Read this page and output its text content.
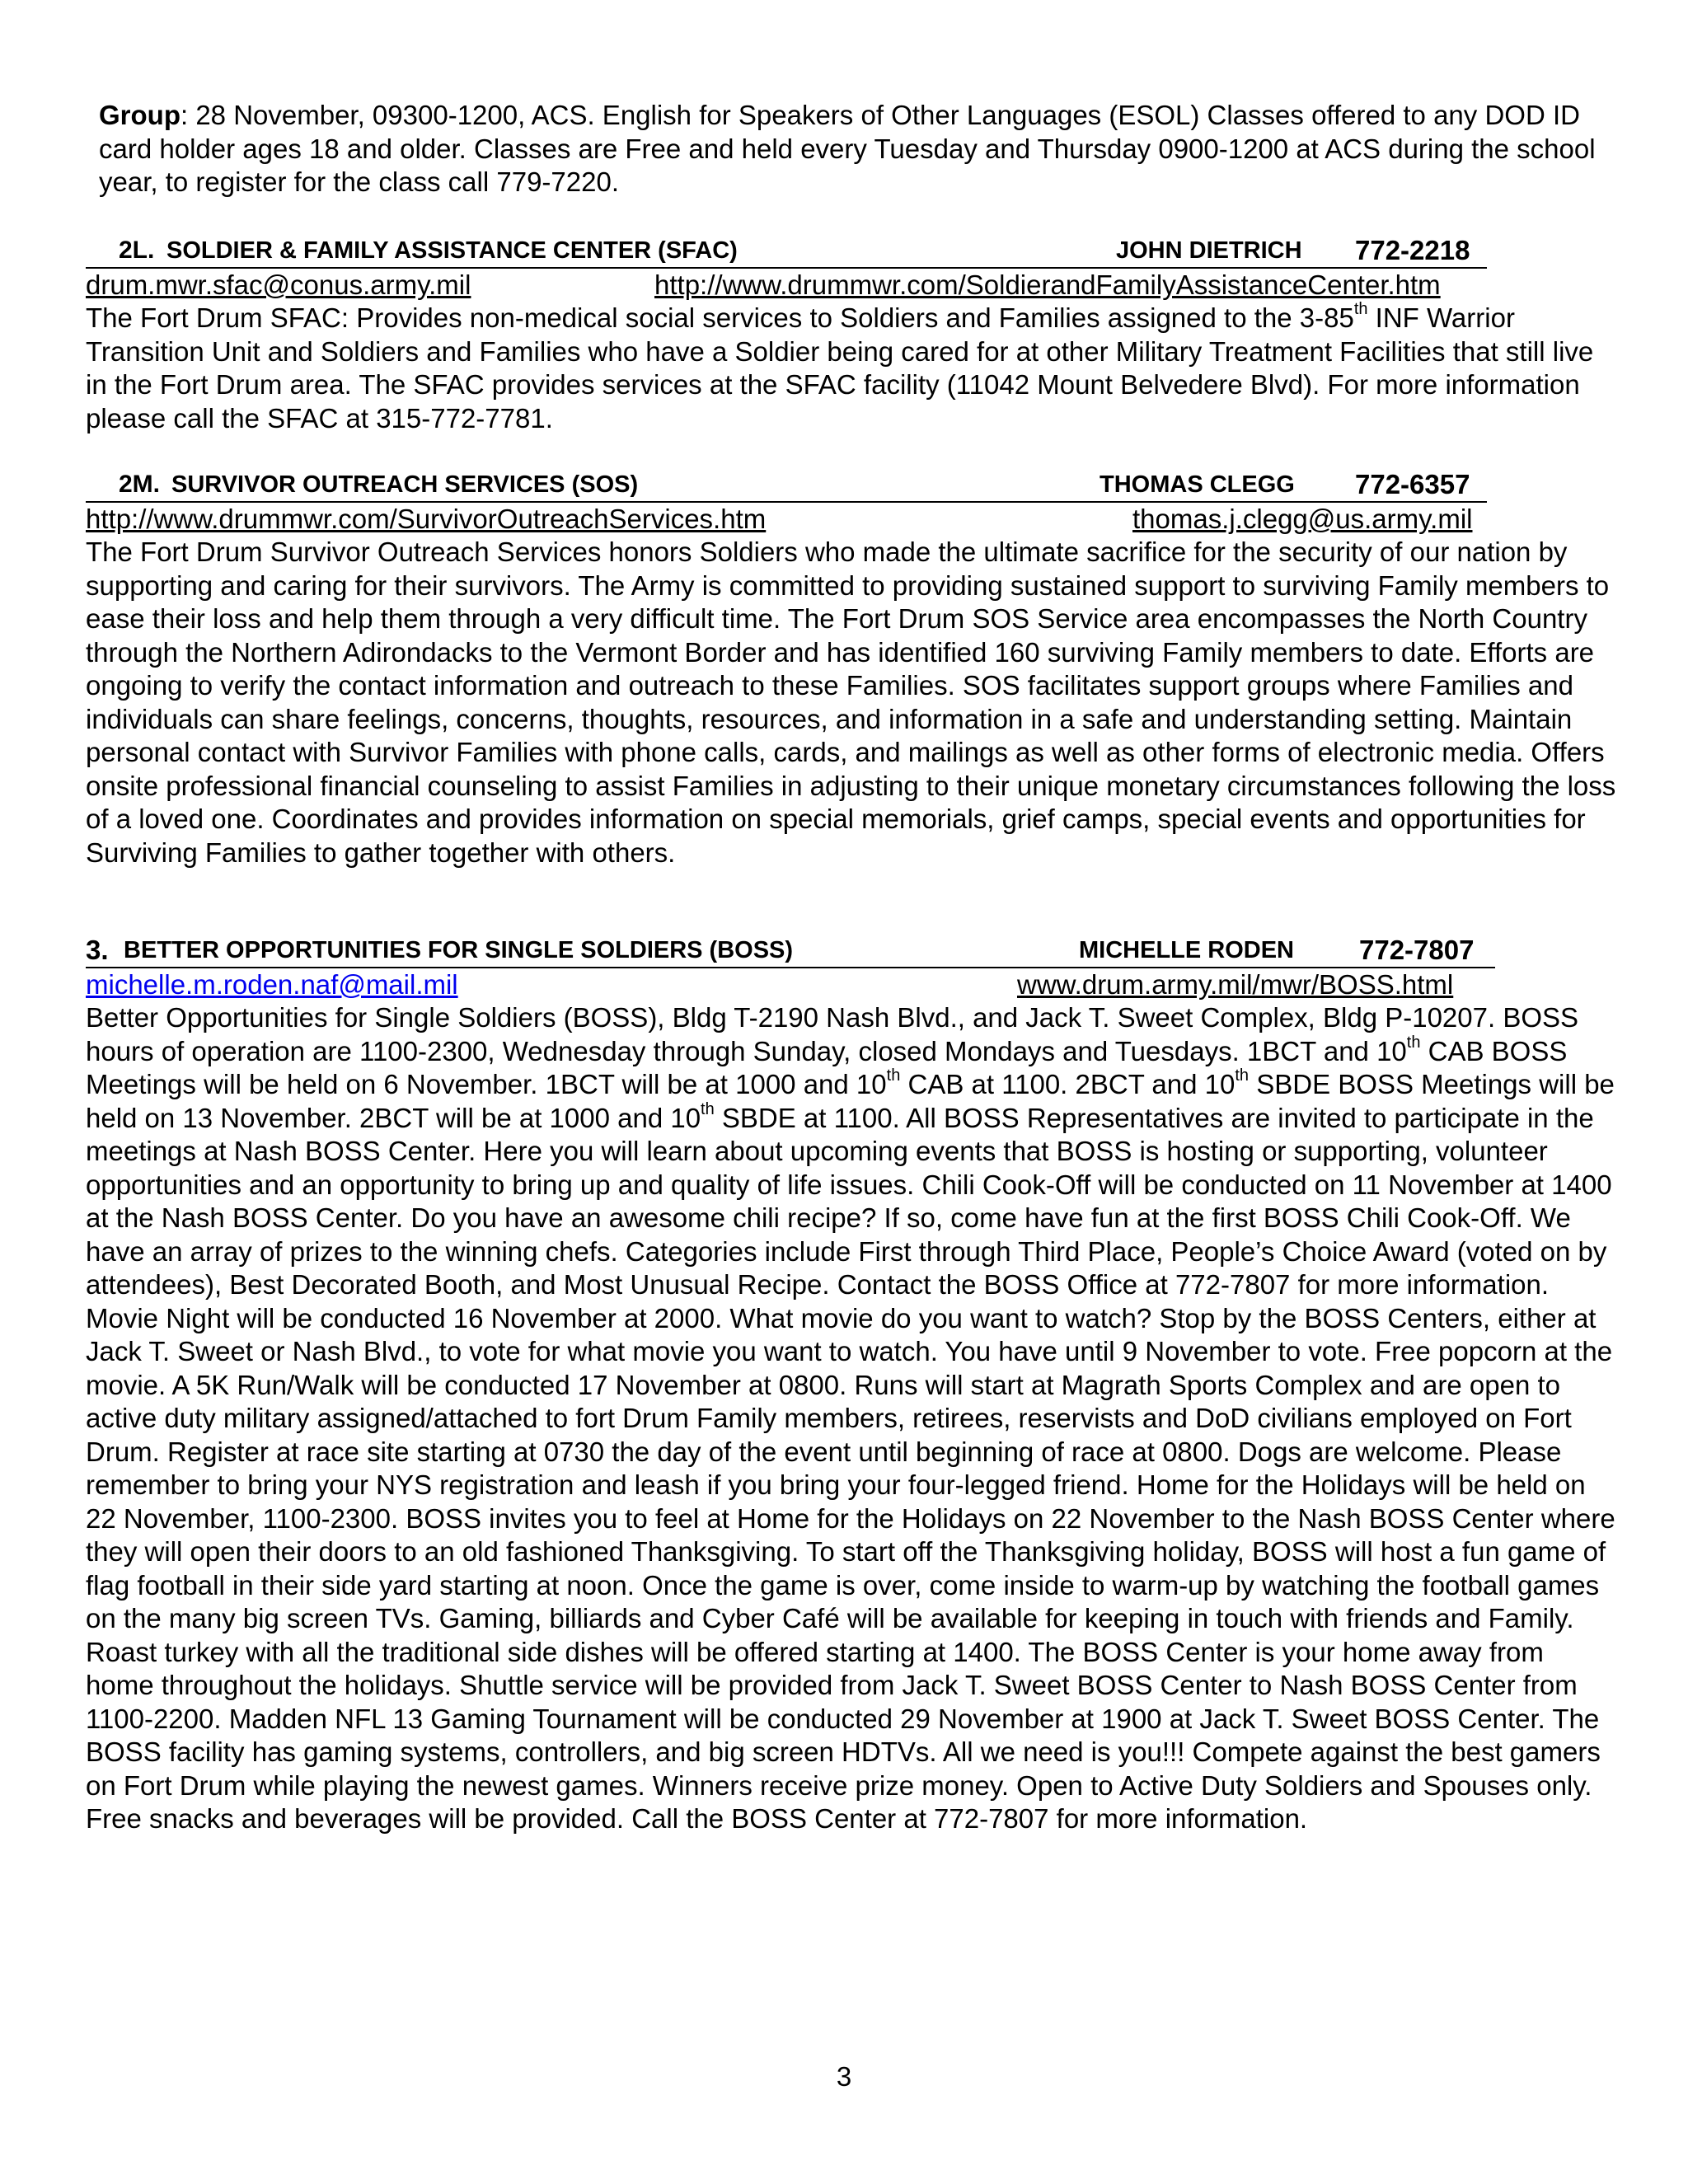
Group: 28 November, 09300-1200, ACS. English for Speakers of Other Languages (ESOL) Classes offered to any DOD ID card holder ages 18 and older. Classes are Free and held every Tuesday and Thursday 0900-1200 at ACS during the school year, to register for the class call 779-7220.

2L. SOLDIER & FAMILY ASSISTANCE CENTER (SFAC)	JOHN DIETRICH 772-2218
drum.mwr.sfac@conus.army.mil	http://www.drummwr.com/SoldierandFamilyAssistanceCenter.htm

The Fort Drum SFAC: Provides non-medical social services to Soldiers and Families assigned to the 3-85th INF Warrior Transition Unit and Soldiers and Families who have a Soldier being cared for at other Military Treatment Facilities that still live in the Fort Drum area. The SFAC provides services at the SFAC facility (11042 Mount Belvedere Blvd). For more information please call the SFAC at 315-772-7781.

2M. SURVIVOR OUTREACH SERVICES (SOS)	THOMAS CLEGG 772-6357
http://www.drummwr.com/SurvivorOutreachServices.htm	thomas.j.clegg@us.army.mil

The Fort Drum Survivor Outreach Services honors Soldiers who made the ultimate sacrifice for the security of our nation by supporting and caring for their survivors. The Army is committed to providing sustained support to surviving Family members to ease their loss and help them through a very difficult time. The Fort Drum SOS Service area encompasses the North Country through the Northern Adirondacks to the Vermont Border and has identified 160 surviving Family members to date. Efforts are ongoing to verify the contact information and outreach to these Families. SOS facilitates support groups where Families and individuals can share feelings, concerns, thoughts, resources, and information in a safe and understanding setting. Maintain personal contact with Survivor Families with phone calls, cards, and mailings as well as other forms of electronic media. Offers onsite professional financial counseling to assist Families in adjusting to their unique monetary circumstances following the loss of a loved one. Coordinates and provides information on special memorials, grief camps, special events and opportunities for Surviving Families to gather together with others.

3. BETTER OPPORTUNITIES FOR SINGLE SOLDIERS (BOSS)	MICHELLE RODEN 772-7807
michelle.m.roden.naf@mail.mil	www.drum.army.mil/mwr/BOSS.html

Better Opportunities for Single Soldiers (BOSS), Bldg T-2190 Nash Blvd., and Jack T. Sweet Complex, Bldg P-10207. BOSS hours of operation are 1100-2300, Wednesday through Sunday, closed Mondays and Tuesdays. 1BCT and 10th CAB BOSS Meetings will be held on 6 November. 1BCT will be at 1000 and 10th CAB at 1100. 2BCT and 10th SBDE BOSS Meetings will be held on 13 November. 2BCT will be at 1000 and 10th SBDE at 1100. All BOSS Representatives are invited to participate in the meetings at Nash BOSS Center. Here you will learn about upcoming events that BOSS is hosting or supporting, volunteer opportunities and an opportunity to bring up and quality of life issues. Chili Cook-Off will be conducted on 11 November at 1400 at the Nash BOSS Center. Do you have an awesome chili recipe? If so, come have fun at the first BOSS Chili Cook-Off. We have an array of prizes to the winning chefs. Categories include First through Third Place, People’s Choice Award (voted on by attendees), Best Decorated Booth, and Most Unusual Recipe. Contact the BOSS Office at 772-7807 for more information. Movie Night will be conducted 16 November at 2000. What movie do you want to watch? Stop by the BOSS Centers, either at Jack T. Sweet or Nash Blvd., to vote for what movie you want to watch. You have until 9 November to vote. Free popcorn at the movie. A 5K Run/Walk will be conducted 17 November at 0800. Runs will start at Magrath Sports Complex and are open to active duty military assigned/attached to fort Drum Family members, retirees, reservists and DoD civilians employed on Fort Drum. Register at race site starting at 0730 the day of the event until beginning of race at 0800. Dogs are welcome. Please remember to bring your NYS registration and leash if you bring your four-legged friend. Home for the Holidays will be held on 22 November, 1100-2300. BOSS invites you to feel at Home for the Holidays on 22 November to the Nash BOSS Center where they will open their doors to an old fashioned Thanksgiving. To start off the Thanksgiving holiday, BOSS will host a fun game of flag football in their side yard starting at noon. Once the game is over, come inside to warm-up by watching the football games on the many big screen TVs. Gaming, billiards and Cyber Café will be available for keeping in touch with friends and Family. Roast turkey with all the traditional side dishes will be offered starting at 1400. The BOSS Center is your home away from home throughout the holidays. Shuttle service will be provided from Jack T. Sweet BOSS Center to Nash BOSS Center from 1100-2200. Madden NFL 13 Gaming Tournament will be conducted 29 November at 1900 at Jack T. Sweet BOSS Center. The BOSS facility has gaming systems, controllers, and big screen HDTVs. All we need is you!!! Compete against the best gamers on Fort Drum while playing the newest games. Winners receive prize money. Open to Active Duty Soldiers and Spouses only. Free snacks and beverages will be provided. Call the BOSS Center at 772-7807 for more information.

3
